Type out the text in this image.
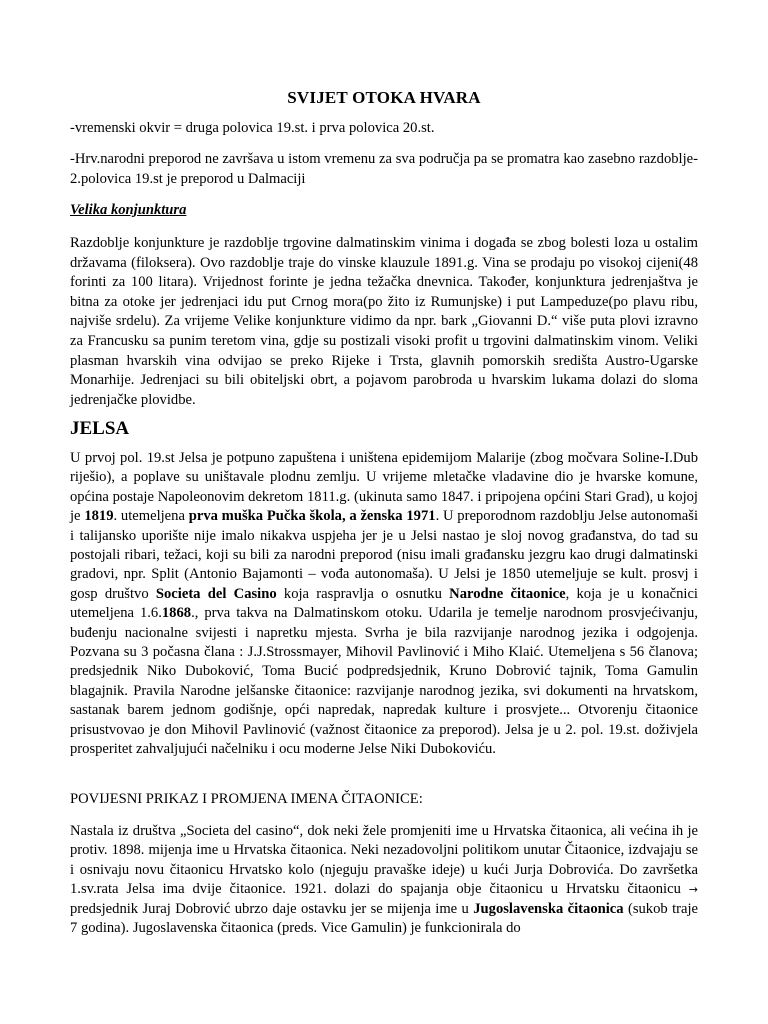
SVIJET OTOKA HVARA

-vremenski okvir = druga polovica 19.st. i prva polovica 20.st.

-Hrv.narodni preporod ne završava u istom vremenu za sva područja pa se promatra kao zasebno razdoblje- 2.polovica 19.st je preporod u Dalmaciji

Velika konjunktura

Razdoblje konjunkture je razdoblje trgovine dalmatinskim vinima i događa se zbog bolesti loza u ostalim državama (filoksera). Ovo razdoblje traje do vinske klauzule 1891.g. Vina se prodaju po visokoj cijeni(48 forinti za 100 litara). Vrijednost forinte je jedna težačka dnevnica. Također, konjunktura jedrenjaštva je bitna za otoke jer jedrenjaci idu put Crnog mora(po žito iz Rumunjske) i put Lampeduze(po plavu ribu, najviše srdelu). Za vrijeme Velike konjunkture vidimo da npr. bark „Giovanni D.“ više puta plovi izravno za Francusku sa punim teretom vina, gdje su postizali visoki profit u trgovini dalmatinskim vinom. Veliki plasman hvarskih vina odvijao se preko Rijeke i Trsta, glavnih pomorskih središta Austro-Ugarske Monarhije. Jedrenjaci su bili obiteljski obrt, a pojavom parobroda u hvarskim lukama dolazi do sloma jedrenjačke plovidbe.

JELSA

U prvoj pol. 19.st Jelsa je potpuno zapuštena i uništena epidemijom Malarije (zbog močvara Soline-I.Dub riješio), a poplave su uništavale plodnu zemlju. U vrijeme mletačke vladavine dio je hvarske komune, općina postaje Napoleonovim dekretom 1811.g. (ukinuta samo 1847. i pripojena općini Stari Grad), u kojoj je 1819. utemeljena prva muška Pučka škola, a ženska 1971. U preporodnom razdoblju Jelse autonomaši i talijansko uporište nije imalo nikakva uspjeha jer je u Jelsi nastao je sloj novog građanstva, do tad su postojali ribari, težaci, koji su bili za narodni preporod (nisu imali građansku jezgru kao drugi dalmatinski gradovi, npr. Split (Antonio Bajamonti – vođa autonomaša). U Jelsi je 1850 utemeljuje se kult. prosvj i gosp društvo Societa del Casino koja raspravlja o osnutku Narodne čitaonice, koja je u konačnici utemeljena 1.6.1868., prva takva na Dalmatinskom otoku. Udarila je temelje narodnom prosvjećivanju, buđenju nacionalne svijesti i napretku mjesta. Svrha je bila razvijanje narodnog jezika i odgojenja. Pozvana su 3 počasna člana : J.J.Strossmayer, Mihovil Pavlinović i Miho Klaić. Utemeljena s 56 članova; predsjednik Niko Duboković, Toma Bucić podpredsjednik, Kruno Dobrović tajnik, Toma Gamulin blagajnik. Pravila Narodne jelšanske čitaonice: razvijanje narodnog jezika, svi dokumenti na hrvatskom, sastanak barem jednom godišnje, opći napredak, napredak kulture i prosvjete... Otvorenju čitaonice prisustvovao je don Mihovil Pavlinović (važnost čitaonice za preporod). Jelsa je u 2. pol. 19.st. doživjela prosperitet zahvaljujući načelniku i ocu moderne Jelse Niki Dubokoviću.

POVIJESNI PRIKAZ I PROMJENA IMENA ČITAONICE:

Nastala iz društva „Societa del casino“, dok neki žele promjeniti ime u Hrvatska čitaonica, ali većina ih je protiv. 1898. mijenja ime u Hrvatska čitaonica. Neki nezadovoljni politikom unutar Čitaonice, izdvajaju se i osnivaju novu čitaonicu Hrvatsko kolo (njeguju pravaške ideje) u kući Jurja Dobrovića. Do završetka 1.sv.rata Jelsa ima dvije čitaonice. 1921. dolazi do spajanja obje čitaonicu u Hrvatsku čitaonicu → predsjednik Juraj Dobrović ubrzo daje ostavku jer se mijenja ime u Jugoslavenska čitaonica (sukob traje 7 godina). Jugoslavenska čitaonica (preds. Vice Gamulin) je funkcionirala do
